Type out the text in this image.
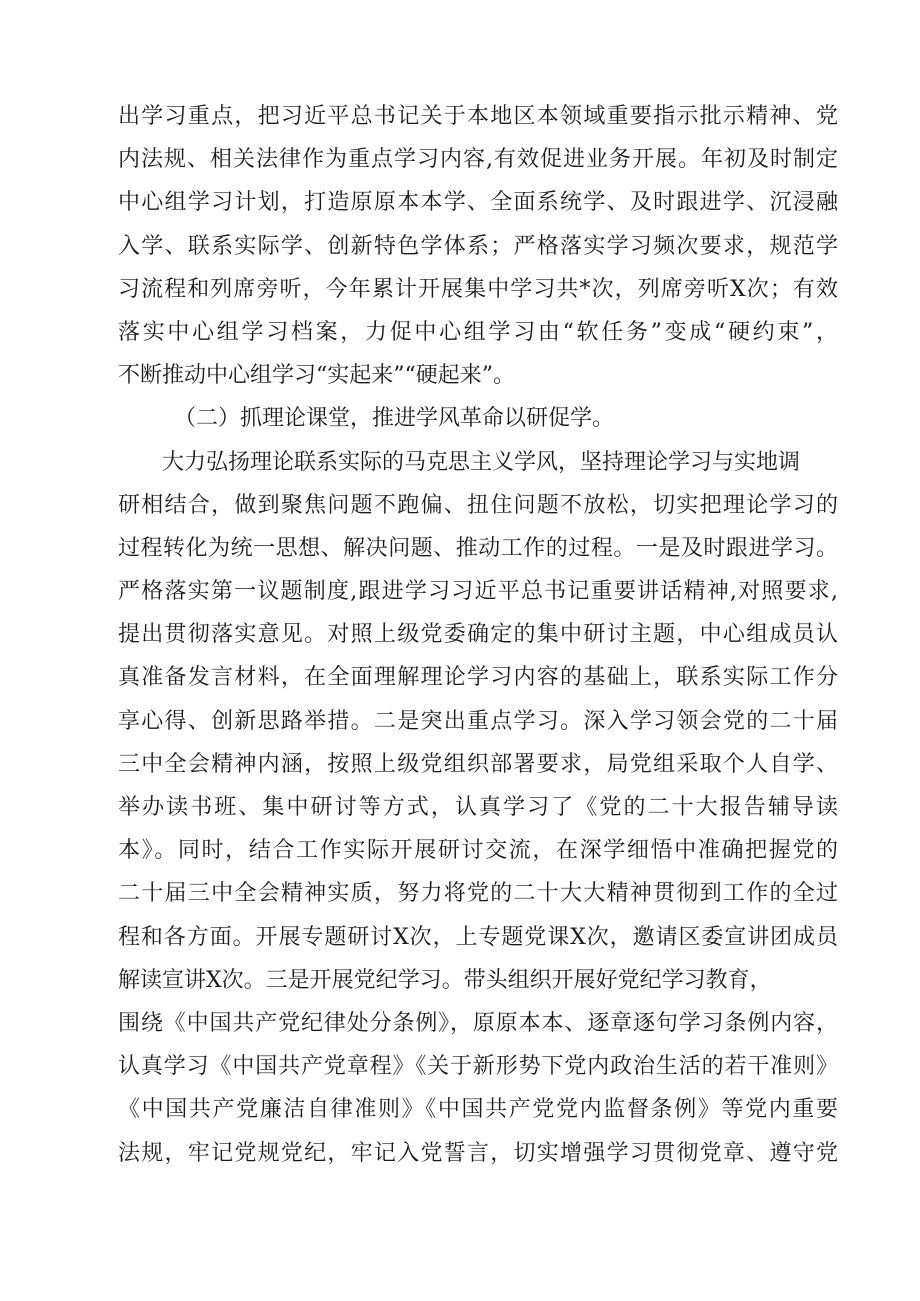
出学习重点，把习近平总书记关于本地区本领域重要指示批示精神、党
内法规、相关法律作为重点学习内容,有效促进业务开展。年初及时制定
中心组学习计划，打造原原本本学、全面系统学、及时跟进学、沉浸融
入学、联系实际学、创新特色学体系；严格落实学习频次要求，规范学
习流程和列席旁听，今年累计开展集中学习共*次，列席旁听X次；有效
落实中心组学习档案，力促中心组学习由“软任务”变成“硬约束”，
不断推动中心组学习“实起来”“硬起来”。
（二）抓理论课堂，推进学风革命以研促学。
大力弘扬理论联系实际的马克思主义学风，坚持理论学习与实地调
研相结合，做到聚焦问题不跑偏、扭住问题不放松，切实把理论学习的
过程转化为统一思想、解决问题、推动工作的过程。一是及时跟进学习。
严格落实第一议题制度,跟进学习习近平总书记重要讲话精神,对照要求,
提出贯彻落实意见。对照上级党委确定的集中研讨主题，中心组成员认
真准备发言材料，在全面理解理论学习内容的基础上，联系实际工作分
享心得、创新思路举措。二是突出重点学习。深入学习领会党的二十届
三中全会精神内涵，按照上级党组织部署要求，局党组采取个人自学、
举办读书班、集中研讨等方式，认真学习了《党的二十大报告辅导读
本》。同时，结合工作实际开展研讨交流，在深学细悟中准确把握党的
二十届三中全会精神实质，努力将党的二十大大精神贯彻到工作的全过
程和各方面。开展专题研讨X次，上专题党课X次，邀请区委宣讲团成员
解读宣讲X次。三是开展党纪学习。带头组织开展好党纪学习教育，
围绕《中国共产党纪律处分条例》，原原本本、逐章逐句学习条例内容，
认真学习《中国共产党章程》《关于新形势下党内政治生活的若干准则》
《中国共产党廉洁自律准则》《中国共产党党内监督条例》等党内重要
法规，牢记党规党纪，牢记入党誓言，切实增强学习贯彻党章、遵守党
